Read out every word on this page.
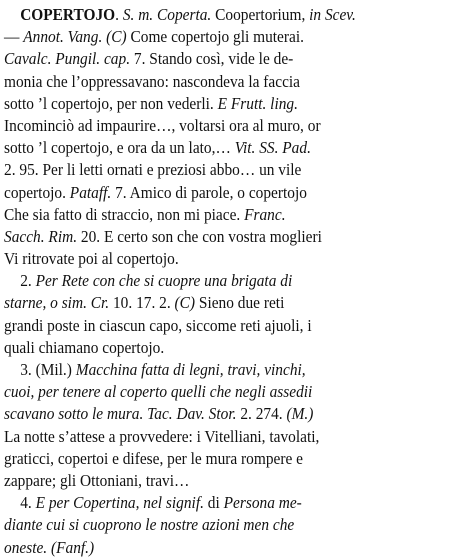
COPERTOJO. S. m. Coperta. Coopertorium, in Scev.
— Annot. Vang. (C) Come copertojo gli muterai.
Cavalc. Pungil. cap. 7. Stando così, vide le de-
monia che l’oppressavano: nascondeva la faccia
sotto ’l copertojo, per non vederli. E Frutt. ling.
Incominciò ad impaurire…, voltarsi ora al muro, or
sotto ’l copertojo, e ora da un lato,… Vit. SS. Pad.
2. 95. Per li letti ornati e preziosi abbo… un vile
copertojo. Pataff. 7. Amico di parole, o copertojo
Che sia fatto di straccio, non mi piace. Franc.
Sacch. Rim. 20. E certo son che con vostra moglieri
Vi ritrovate poi al copertojo.
2. Per Rete con che si cuopre una brigata di
starne, o sim. Cr. 10. 17. 2. (C) Sieno due reti
grandi poste in ciascun capo, siccome reti ajuoli, i
quali chiamano copertojo.
3. (Mil.) Macchina fatta di legni, travi, vinchi,
cuoi, per tenere al coperto quelli che negli assedii
scavano sotto le mura. Tac. Dav. Stor. 2. 274. (M.)
La notte s’attese a provvedere: i Vitelliani, tavolati,
graticci, copertoi e difese, per le mura rompere e
zappare; gli Ottoniani, travi…
4. E per Copertina, nel signif. di Persona me-
diante cui si cuoprono le nostre azioni men che
oneste. (Fanf.)
